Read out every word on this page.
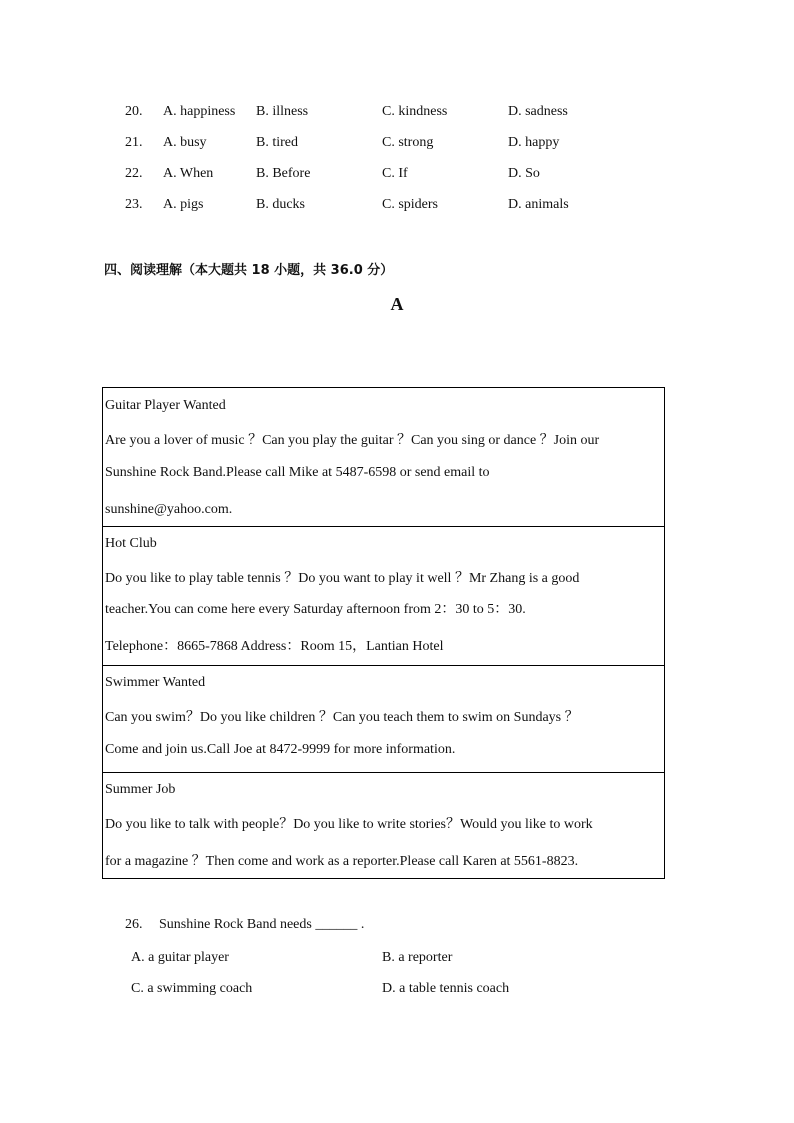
20. A. happiness B. illness	C. kindness	D. sadness
21. A. busy	B. tired	C. strong	D. happy
22. A. When	B. Before	C. If	D. So
23. A. pigs	B. ducks	C. spiders	D. animals
四、阅读理解（本大题共 18 小题，共 36.0 分）
A
Guitar Player Wanted
Are you a lover of music ？Can you play the guitar ？Can you sing or dance ？Join our
Sunshine Rock Band.Please call Mike at 5487-6598 or send email to
sunshine@yahoo.com.
Hot Club
Do you like to play table tennis ？Do you want to play it well ？Mr Zhang is a good
teacher.You can come here every Saturday afternoon from 2：30 to 5：30.
Telephone：8665-7868 Address：Room 15，Lantian Hotel
Swimmer Wanted
Can you swim？Do you like children ？Can you teach them to swim on Sundays ？
Come and join us.Call Joe at 8472-9999 for more information.
Summer Job
Do you like to talk with people？Do you like to write stories？Would you like to work
for a magazine ？Then come and work as a reporter.Please call Karen at 5561-8823.
26. Sunshine Rock Band needs ______ .
A. a guitar player	B. a reporter
C. a swimming coach	D. a table tennis coach
